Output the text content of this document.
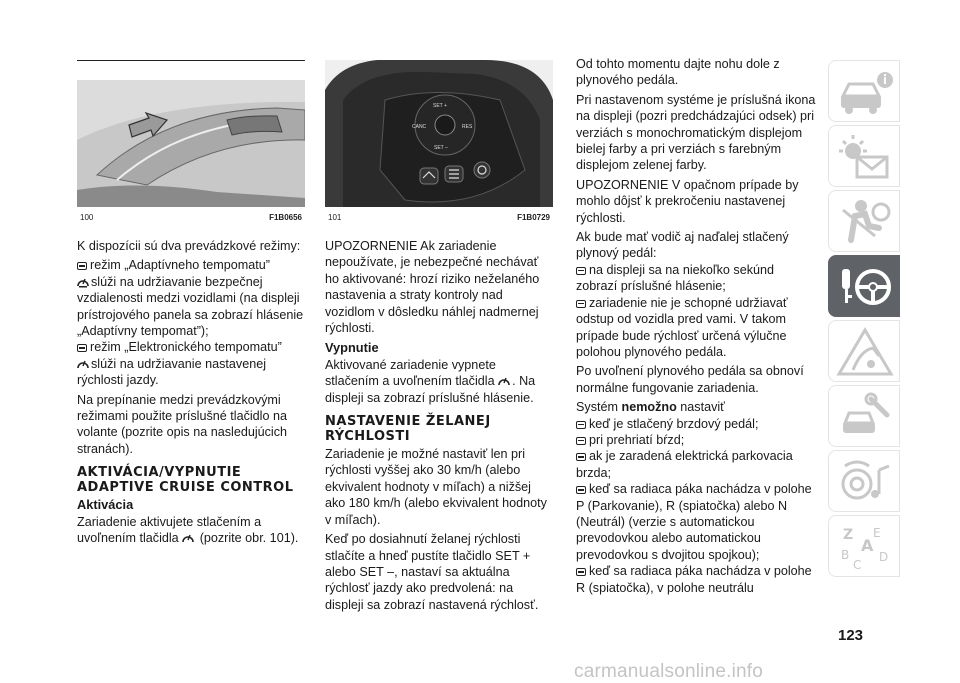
100	F1B0656
SET +
CANC	RES
SET –
101	F1B0729

K dispozícii sú dva prevádzkové režimy:

režim „Adaptívneho tempomatu”
slúži na udržiavanie bezpečnej vzdialenosti medzi vozidlami (na displeji prístrojového panela sa zobrazí hlásenie „Adaptívny tempomat”);

režim „Elektronického tempomatu”
slúži na udržiavanie nastavenej rýchlosti jazdy.

Na prepínanie medzi prevádzkovými režimami použite príslušné tlačidlo na volante (pozrite opis na nasledujúcich stranách).

AKTIVÁCIA/VYPNUTIE ADAPTIVE CRUISE CONTROL
Aktivácia

Zariadenie aktivujete stlačením a uvoľnením tlačidla (pozrite obr. 101).

UPOZORNENIE Ak zariadenie nepoužívate, je nebezpečné nechávať ho aktivované: hrozí riziko neželaného nastavenia a straty kontroly nad vozidlom v dôsledku náhlej nadmernej rýchlosti.

Vypnutie

Aktivované zariadenie vypnete stlačením a uvoľnením tlačidla . Na displeji sa zobrazí príslušné hlásenie.

NASTAVENIE ŽELANEJ RÝCHLOSTI

Zariadenie je možné nastaviť len pri rýchlosti vyššej ako 30 km/h (alebo ekvivalent hodnoty v míľach) a nižšej ako 180 km/h (alebo ekvivalent hodnoty v míľach).

Keď po dosiahnutí želanej rýchlosti stlačíte a hneď pustíte tlačidlo SET + alebo SET –, nastaví sa aktuálna rýchlosť jazdy ako predvolená: na displeji sa zobrazí nastavená rýchlosť.

Od tohto momentu dajte nohu dole z plynového pedála.

Pri nastavenom systéme je príslušná ikona na displeji (pozri predchádzajúci odsek) pri verziách s monochromatickým displejom bielej farby a pri verziách s farebným displejom zelenej farby.

UPOZORNENIE V opačnom prípade by mohlo dôjsť k prekročeniu nastavenej rýchlosti.

Ak bude mať vodič aj naďalej stlačený plynový pedál:

na displeji sa na niekoľko sekúnd zobrazí príslušné hlásenie;

zariadenie nie je schopné udržiavať odstup od vozidla pred vami. V takom prípade bude rýchlosť určená výlučne polohou plynového pedála.

Po uvoľnení plynového pedála sa obnoví normálne fungovanie zariadenia.

Systém nemožno nastaviť

keď je stlačený brzdový pedál;

pri prehriatí bŕzd;

ak je zaradená elektrická parkovacia brzda;

keď sa radiaca páka nachádza v polohe P (Parkovanie), R (spiatočka) alebo N (Neutrál) (verzie s automatickou prevodovkou alebo automatickou prevodovkou s dvojitou spojkou);

keď sa radiaca páka nachádza v polohe R (spiatočka), v polohe neutrálu

Z E
A
B
C
D
123
carmanualsonline.info
